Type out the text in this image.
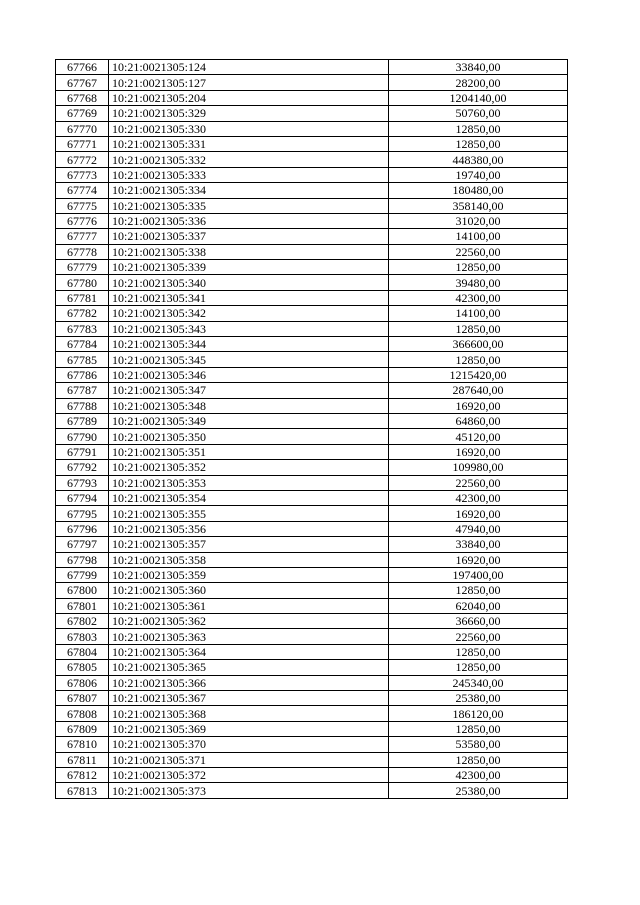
67766	10:21:0021305:124	33840,00
67767	10:21:0021305:127	28200,00
67768	10:21:0021305:204	1204140,00
67769	10:21:0021305:329	50760,00
67770	10:21:0021305:330	12850,00
67771	10:21:0021305:331	12850,00
67772	10:21:0021305:332	448380,00
67773	10:21:0021305:333	19740,00
67774	10:21:0021305:334	180480,00
67775	10:21:0021305:335	358140,00
67776	10:21:0021305:336	31020,00
67777	10:21:0021305:337	14100,00
67778	10:21:0021305:338	22560,00
67779	10:21:0021305:339	12850,00
67780	10:21:0021305:340	39480,00
67781	10:21:0021305:341	42300,00
67782	10:21:0021305:342	14100,00
67783	10:21:0021305:343	12850,00
67784	10:21:0021305:344	366600,00
67785	10:21:0021305:345	12850,00
67786	10:21:0021305:346	1215420,00
67787	10:21:0021305:347	287640,00
67788	10:21:0021305:348	16920,00
67789	10:21:0021305:349	64860,00
67790	10:21:0021305:350	45120,00
67791	10:21:0021305:351	16920,00
67792	10:21:0021305:352	109980,00
67793	10:21:0021305:353	22560,00
67794	10:21:0021305:354	42300,00
67795	10:21:0021305:355	16920,00
67796	10:21:0021305:356	47940,00
67797	10:21:0021305:357	33840,00
67798	10:21:0021305:358	16920,00
67799	10:21:0021305:359	197400,00
67800	10:21:0021305:360	12850,00
67801	10:21:0021305:361	62040,00
67802	10:21:0021305:362	36660,00
67803	10:21:0021305:363	22560,00
67804	10:21:0021305:364	12850,00
67805	10:21:0021305:365	12850,00
67806	10:21:0021305:366	245340,00
67807	10:21:0021305:367	25380,00
67808	10:21:0021305:368	186120,00
67809	10:21:0021305:369	12850,00
67810	10:21:0021305:370	53580,00
67811	10:21:0021305:371	12850,00
67812	10:21:0021305:372	42300,00
67813	10:21:0021305:373	25380,00
